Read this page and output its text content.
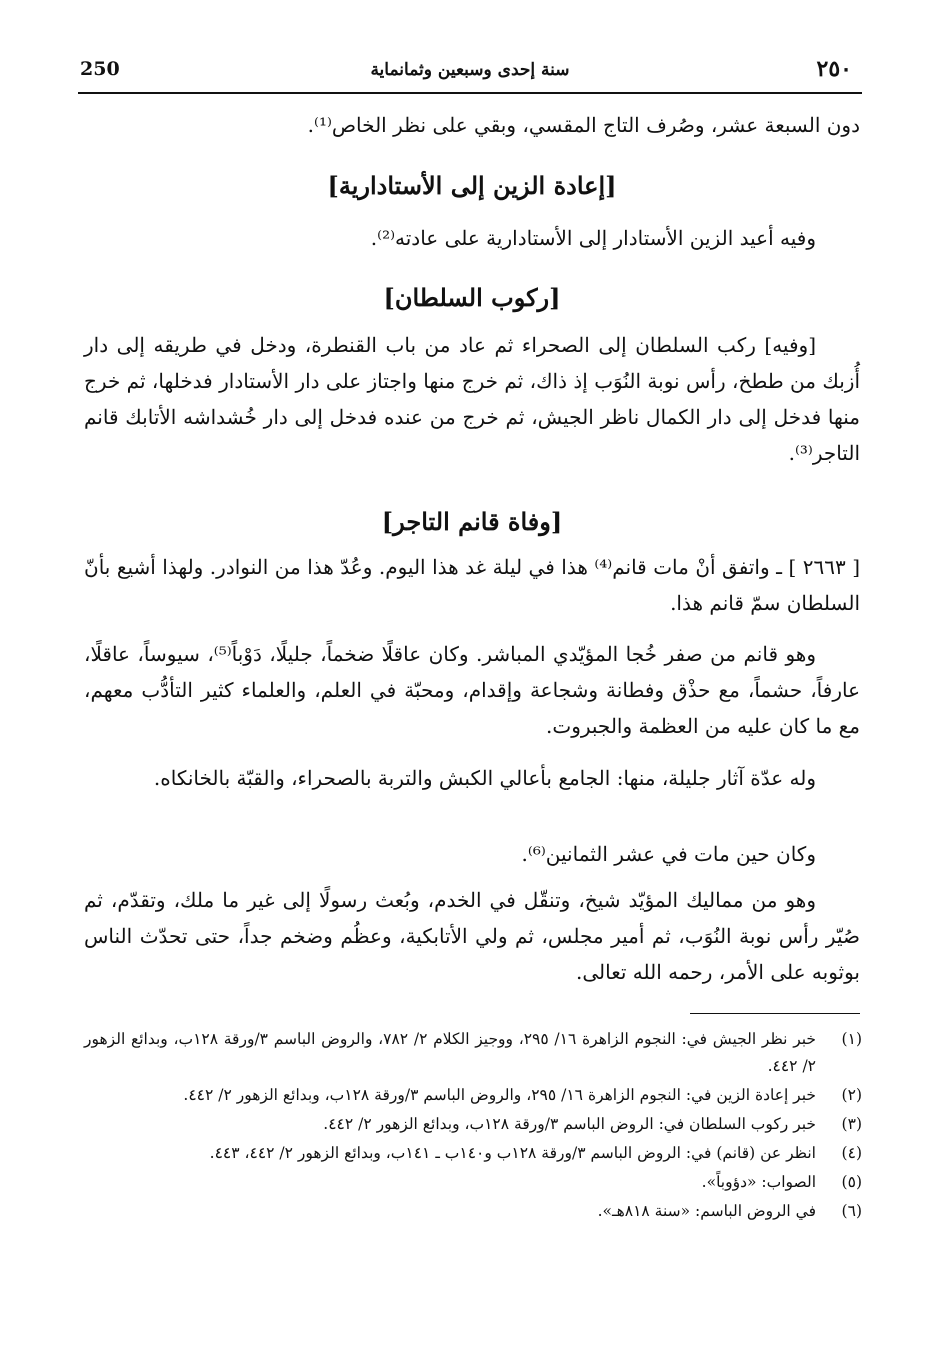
250	سنة إحدى وسبعين وثمانماية	٢٥٠

دون السبعة عشر، وصُرف التاج المقسي، وبقي على نظر الخاص⁽¹⁾.

[إعادة الزين إلى الأستادارية]

وفيه أعيد الزين الأستادار إلى الأستادارية على عادته⁽²⁾.

[ركوب السلطان]

[وفيه] ركب السلطان إلى الصحراء ثم عاد من باب القنطرة، ودخل في طريقه إلى دار أُزبك من ططخ، رأس نوبة النُوَب إذ ذاك، ثم خرج منها واجتاز على دار الأستادار فدخلها، ثم خرج منها فدخل إلى دار الكمال ناظر الجيش، ثم خرج من عنده فدخل إلى دار خُشداشه الأتابك قانم التاجر⁽³⁾.

[وفاة قانم التاجر]

[ ٢٦٦٣ ] ـ واتفق أنْ مات قانم⁽⁴⁾ هذا في ليلة غد هذا اليوم. وعُدّ هذا من النوادر. ولهذا أشيع بأنّ السلطان سمّ قانم هذا.

وهو قانم من صفر خُجا المؤيّدي المباشر. وكان عاقلًا ضخماً، جليلًا، دَوْباً⁽⁵⁾، سيوساً، عاقلًا، عارفاً، حشماً، مع حذْق وفطانة وشجاعة وإقدام، ومحبّة في العلم، والعلماء كثير التأدُّب معهم، مع ما كان عليه من العظمة والجبروت.

وله عدّة آثار جليلة، منها: الجامع بأعالي الكبش والتربة بالصحراء، والقبّة بالخانكاه.

وكان حين مات في عشر الثمانين⁽⁶⁾.

وهو من مماليك المؤيّد شيخ، وتنقّل في الخدم، وبُعث رسولًا إلى غير ما ملك، وتقدّم، ثم صُيّر رأس نوبة النُوَب، ثم أمير مجلس، ثم ولي الأتابكية، وعظُم وضخم جداً، حتى تحدّث الناس بوثوبه على الأمر، رحمه الله تعالى.

(١)
خبر نظر الجيش في: النجوم الزاهرة ١٦/ ٢٩٥، ووجيز الكلام ٢/ ٧٨٢، والروض الباسم ٣/ورقة ١٢٨ب، وبدائع الزهور ٢/ ٤٤٢.
(٢)
خبر إعادة الزين في: النجوم الزاهرة ١٦/ ٢٩٥، والروض الباسم ٣/ورقة ١٢٨ب، وبدائع الزهور ٢/ ٤٤٢.
(٣)
خبر ركوب السلطان في: الروض الباسم ٣/ورقة ١٢٨ب، وبدائع الزهور ٢/ ٤٤٢.
(٤)
انظر عن (قانم) في: الروض الباسم ٣/ورقة ١٢٨ب و١٤٠ب ـ ١٤١ب، وبدائع الزهور ٢/ ٤٤٢، ٤٤٣.
(٥)
الصواب: «دؤوباً».
(٦)
في الروض الباسم: «سنة ٨١٨هـ».
